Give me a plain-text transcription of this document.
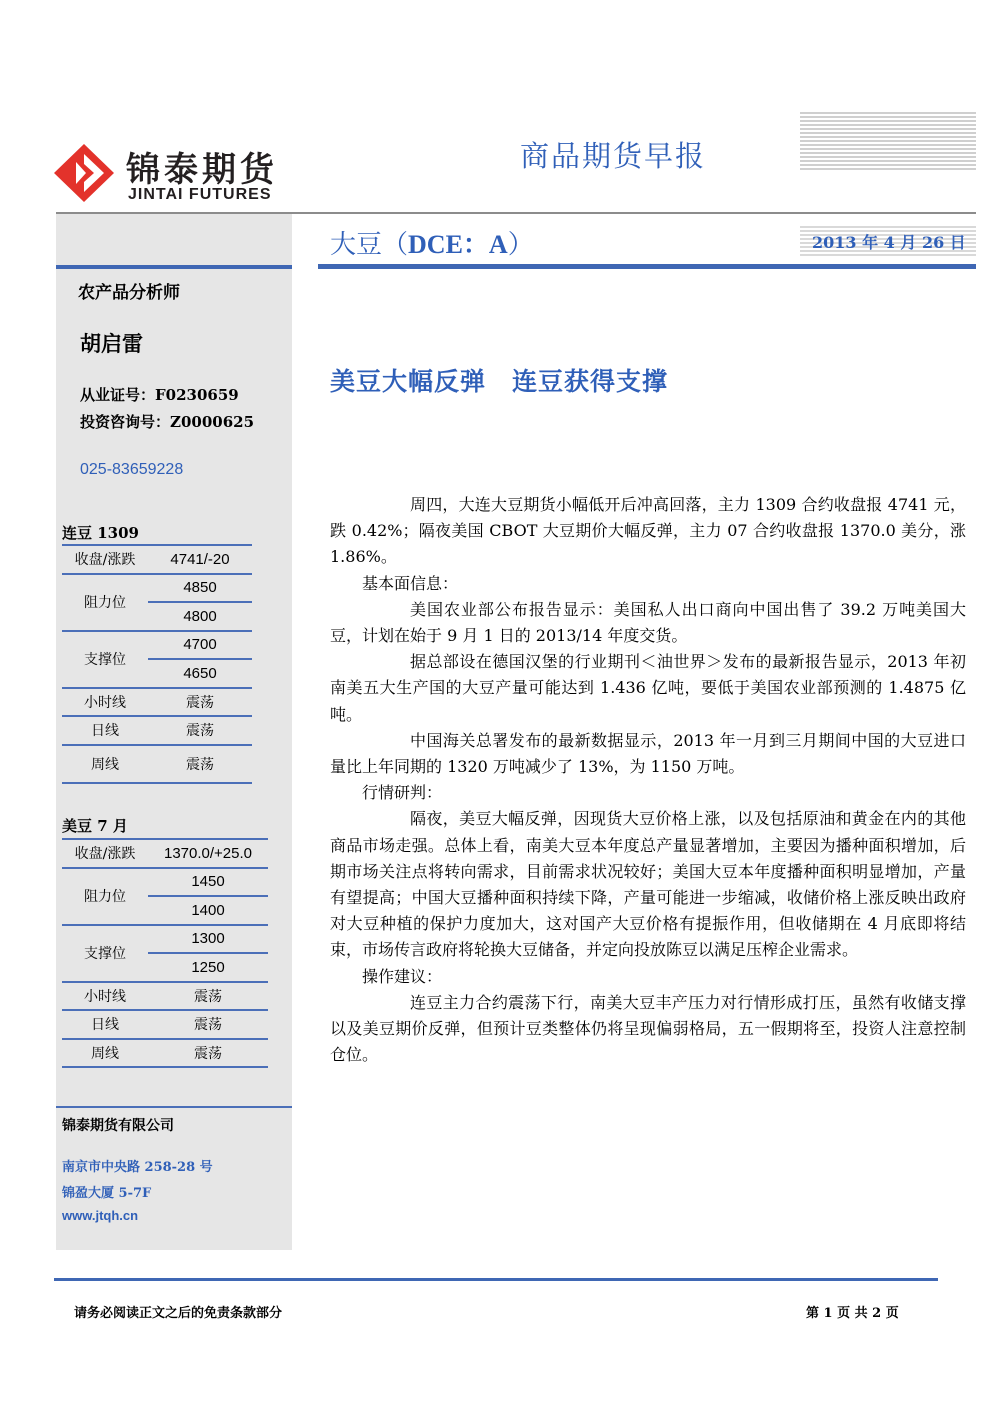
锦泰期货
JINTAI FUTURES
商品期货早报
大豆（DCE：A）	2013 年 4 月 26 日
农产品分析师
胡启雷
从业证号：F0230659
投资咨询号：Z0000625
025-83659228
连豆 1309
收盘/涨跌	4741/-20
阻力位	4850
	4800
支撑位	4700
	4650
小时线	震荡
日线	震荡
周线	震荡
美豆 7 月
收盘/涨跌	1370.0/+25.0
阻力位	1450
	1400
支撑位	1300
	1250
小时线	震荡
日线	震荡
周线	震荡
锦泰期货有限公司
南京市中央路 258-28 号
锦盈大厦 5-7F
www.jtqh.cn
美豆大幅反弹　连豆获得支撑

周四，大连大豆期货小幅低开后冲高回落，主力 1309 合约收盘报 4741 元，跌 0.42%；隔夜美国 CBOT 大豆期价大幅反弹，主力 07 合约收盘报 1370.0 美分，涨 1.86%。

基本面信息：

美国农业部公布报告显示：美国私人出口商向中国出售了 39.2 万吨美国大豆，计划在始于 9 月 1 日的 2013/14 年度交货。

据总部设在德国汉堡的行业期刊＜油世界＞发布的最新报告显示，2013 年初南美五大生产国的大豆产量可能达到 1.436 亿吨，要低于美国农业部预测的 1.4875 亿吨。

中国海关总署发布的最新数据显示，2013 年一月到三月期间中国的大豆进口量比上年同期的 1320 万吨减少了 13%，为 1150 万吨。

行情研判：

隔夜，美豆大幅反弹，因现货大豆价格上涨，以及包括原油和黄金在内的其他商品市场走强。总体上看，南美大豆本年度总产量显著增加，主要因为播种面积增加，后期市场关注点将转向需求，目前需求状况较好；美国大豆本年度播种面积明显增加，产量有望提高；中国大豆播种面积持续下降，产量可能进一步缩减，收储价格上涨反映出政府对大豆种植的保护力度加大，这对国产大豆价格有提振作用，但收储期在 4 月底即将结束，市场传言政府将轮换大豆储备，并定向投放陈豆以满足压榨企业需求。

操作建议：

连豆主力合约震荡下行，南美大豆丰产压力对行情形成打压，虽然有收储支撑以及美豆期价反弹，但预计豆类整体仍将呈现偏弱格局，五一假期将至，投资人注意控制仓位。

请务必阅读正文之后的免责条款部分	第 1 页 共 2 页
